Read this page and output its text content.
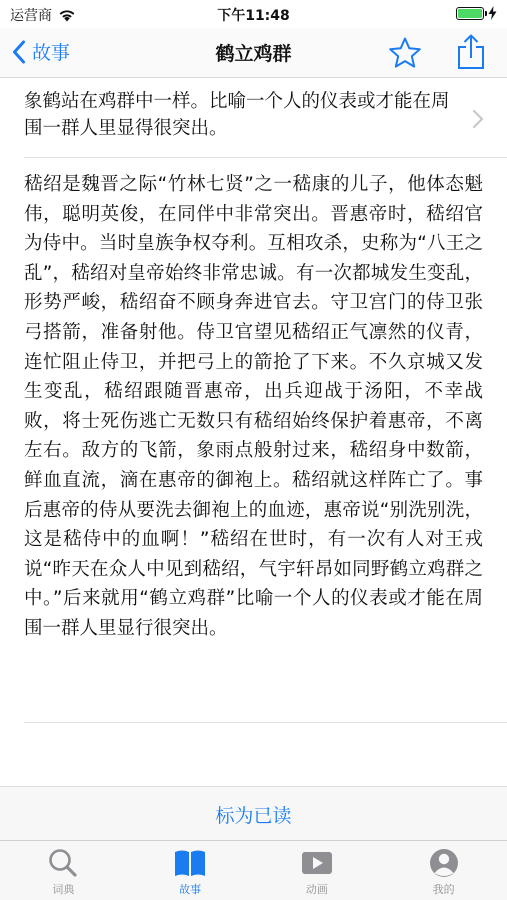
运营商	下午11:48
故事	鹤立鸡群
象鹤站在鸡群中一样。比喻一个人的仪表或才能在周围一群人里显得很突出。
嵇绍是魏晋之际“竹林七贤”之一嵇康的儿子，他体态魁伟，聪明英俊，在同伴中非常突出。晋惠帝时，嵇绍官为侍中。当时皇族争权夺利。互相攻杀，史称为“八王之乱”，嵇绍对皇帝始终非常忠诚。有一次都城发生变乱，形势严峻，嵇绍奋不顾身奔进官去。守卫宫门的侍卫张弓搭箭，准备射他。侍卫官望见嵇绍正气凛然的仪青，连忙阻止侍卫，并把弓上的箭抢了下来。不久京城又发生变乱，嵇绍跟随晋惠帝，出兵迎战于汤阳，不幸战败，将士死伤逃亡无数只有嵇绍始终保护着惠帝，不离左右。敌方的飞箭，象雨点般射过来，嵇绍身中数箭，鲜血直流，滴在惠帝的御袍上。嵇绍就这样阵亡了。事后惠帝的侍从要洗去御袍上的血迹，惠帝说“别洗别洗，这是嵇侍中的血啊！”嵇绍在世时，有一次有人对王戎说“昨天在众人中见到嵇绍，气宇轩昂如同野鹤立鸡群之中。”后来就用“鹤立鸡群”比喻一个人的仪表或才能在周围一群人里显行很突出。
标为已读
词典	故事	动画	我的
